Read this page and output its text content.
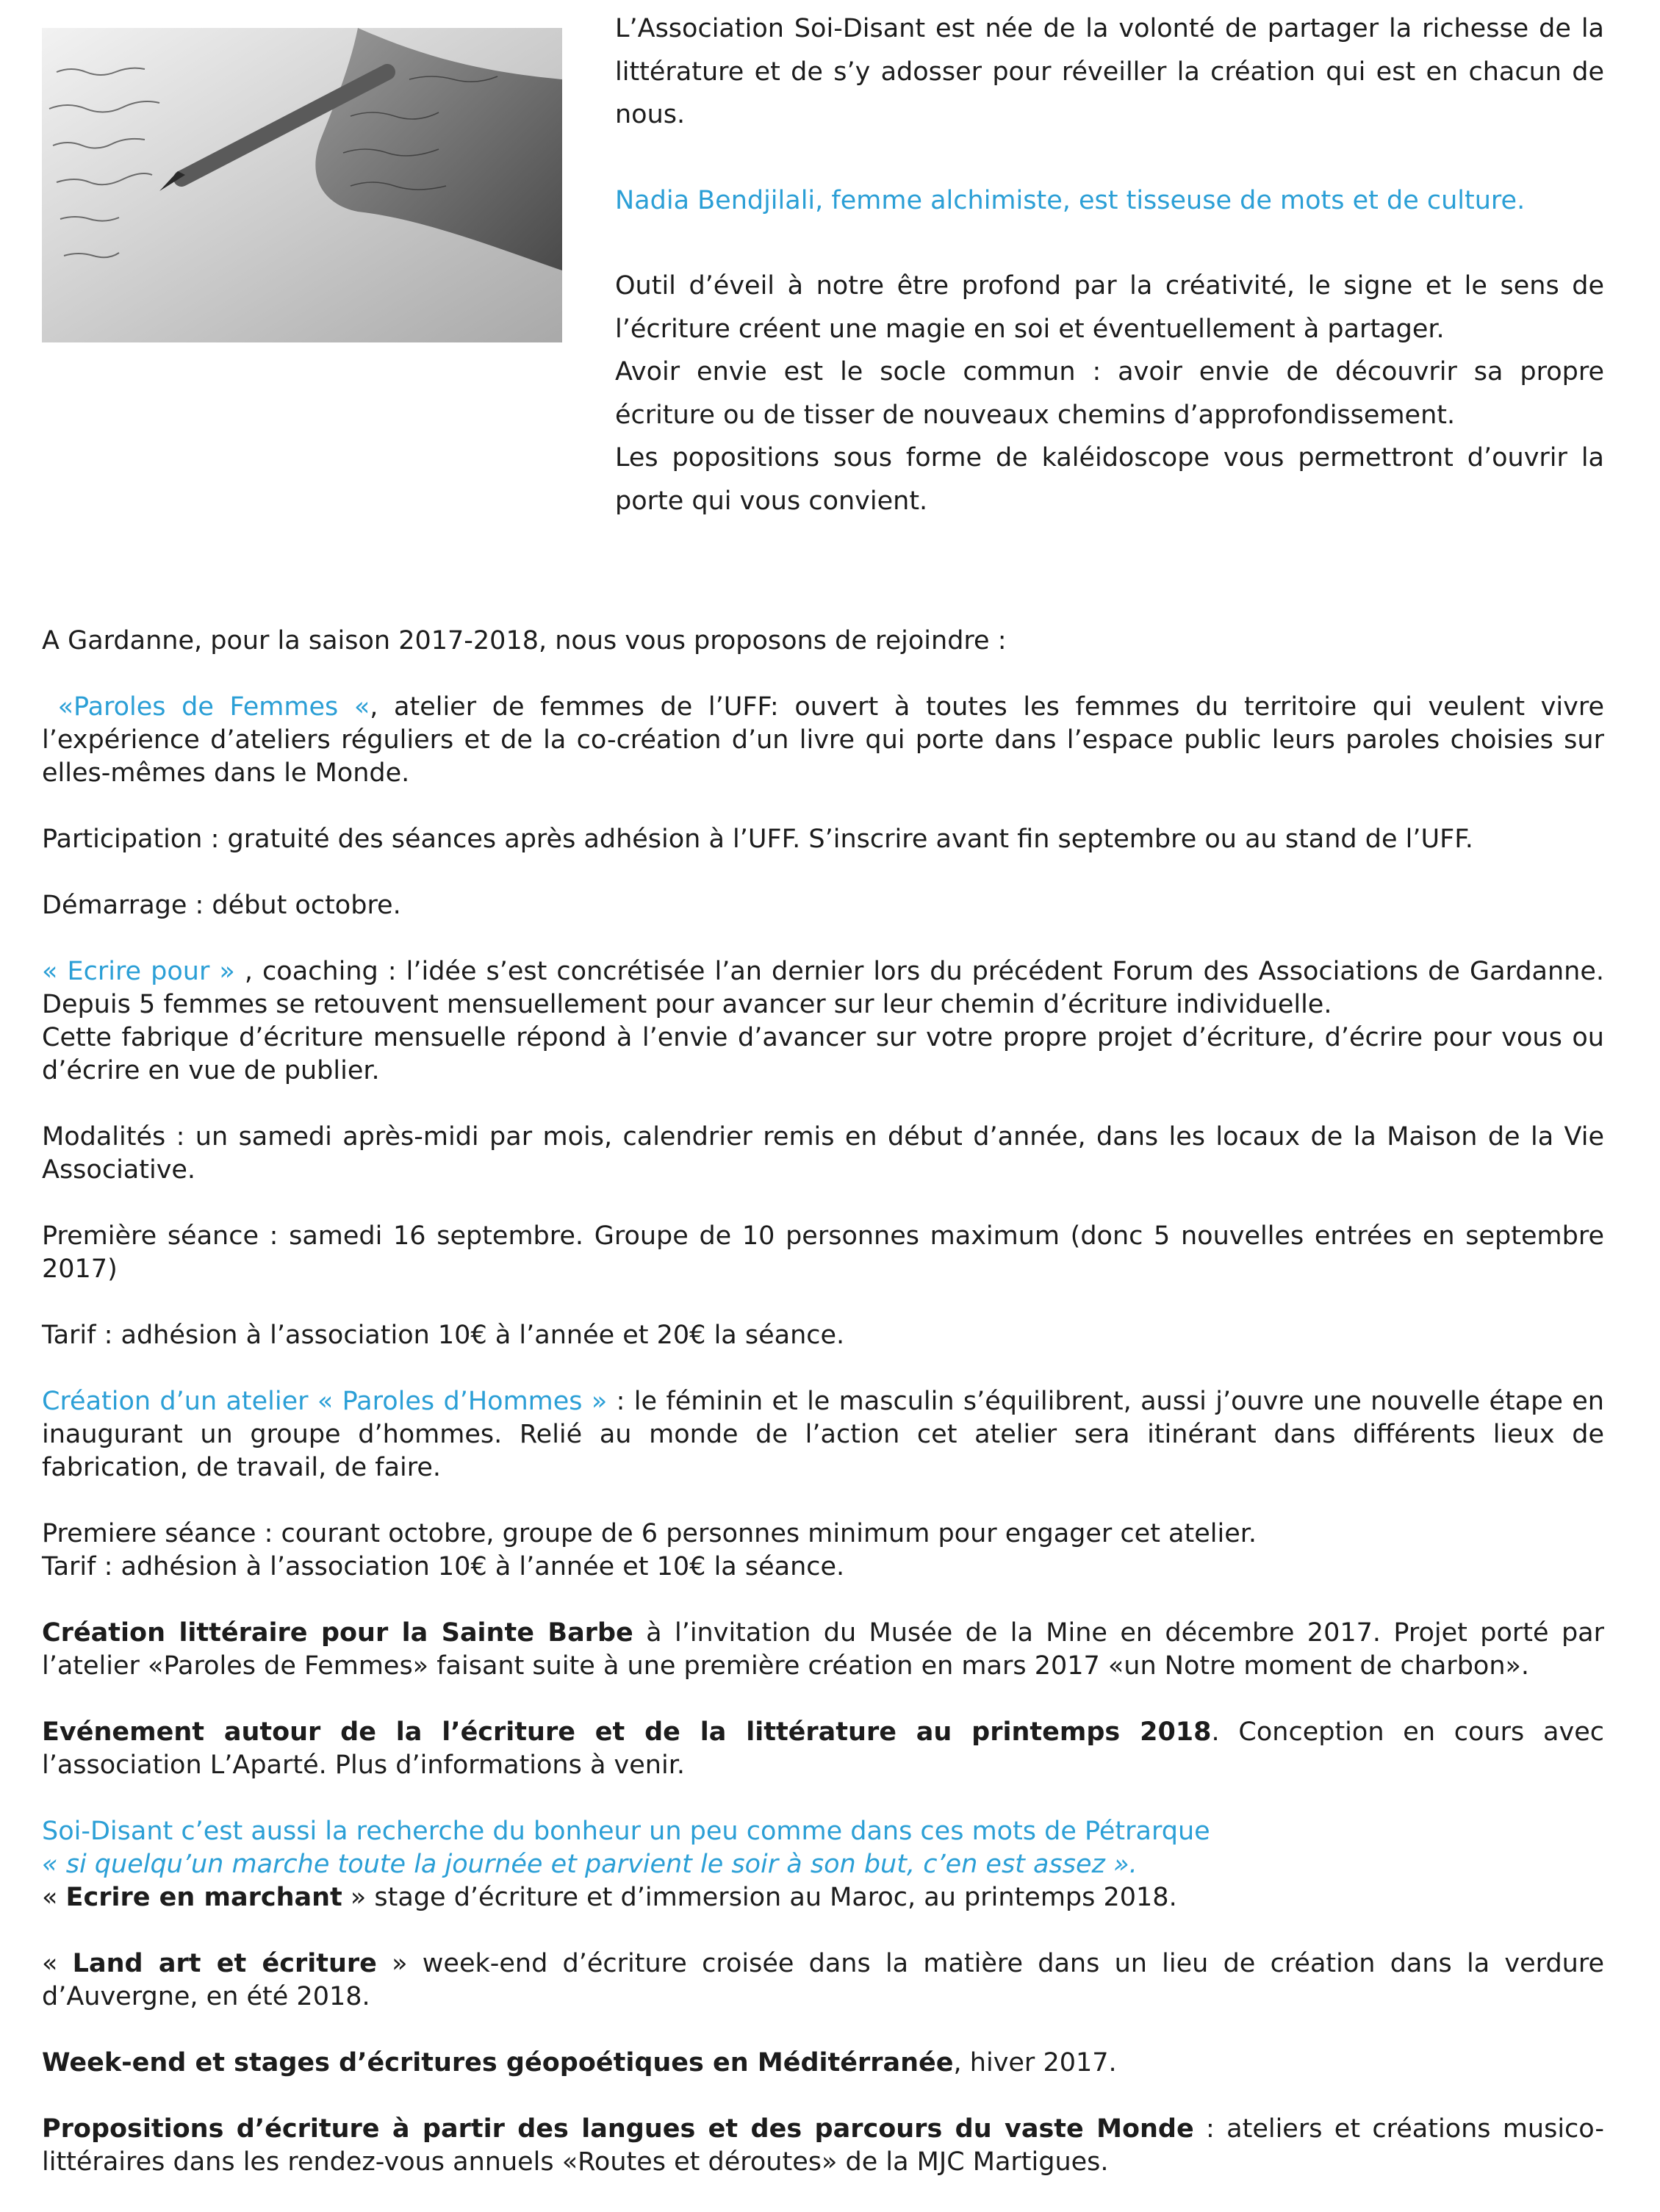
L’Association Soi-Disant est née de la volonté de partager la richesse de la littérature et de s’y adosser pour réveiller la création qui est en chacun de nous.

Nadia Bendjilali, femme alchimiste, est tisseuse de mots et de culture.

Outil d’éveil à notre être profond par la créativité, le signe et le sens de l’écriture créent une magie en soi et éventuellement à partager.

Avoir envie est le socle commun : avoir envie de découvrir sa propre écriture ou de tisser de nouveaux chemins d’approfondissement.

Les popositions sous forme de kaléidoscope vous permettront d’ouvrir la porte qui vous convient.

A Gardanne, pour la saison 2017-2018, nous vous proposons de rejoindre :

«Paroles de Femmes «, atelier de femmes de l’UFF: ouvert à toutes les femmes du territoire qui veulent vivre l’expérience d’ateliers réguliers et de la co-création d’un livre qui porte dans l’espace public leurs paroles choisies sur elles-mêmes dans le Monde.

Participation : gratuité des séances après adhésion à l’UFF. S’inscrire avant fin septembre ou au stand de l’UFF.

Démarrage : début octobre.

« Ecrire pour » , coaching : l’idée s’est concrétisée l’an dernier lors du précédent Forum des Associations de Gardanne. Depuis 5 femmes se retouvent mensuellement pour avancer sur leur chemin d’écriture individuelle.

Cette fabrique d’écriture mensuelle répond à l’envie d’avancer sur votre propre projet d’écriture, d’écrire pour vous ou d’écrire en vue de publier.

Modalités : un samedi après-midi par mois, calendrier remis en début d’année, dans les locaux de la Maison de la Vie Associative.

Première séance : samedi 16 septembre. Groupe de 10 personnes maximum (donc 5 nouvelles entrées en septembre 2017)

Tarif : adhésion à l’association 10€ à l’année et 20€ la séance.

Création d’un atelier « Paroles d’Hommes » : le féminin et le masculin s’équilibrent, aussi j’ouvre une nouvelle étape en inaugurant un groupe d’hommes. Relié au monde de l’action cet atelier sera itinérant dans différents lieux de fabrication, de travail, de faire.

Premiere séance : courant octobre, groupe de 6 personnes minimum pour engager cet atelier.

Tarif : adhésion à l’association 10€ à l’année et 10€ la séance.

Création littéraire pour la Sainte Barbe à l’invitation du Musée de la Mine en décembre 2017. Projet porté par l’atelier «Paroles de Femmes» faisant suite à une première création en mars 2017 «un Notre moment de charbon».

Evénement autour de la l’écriture et de la littérature au printemps 2018. Conception en cours avec l’association L’Aparté. Plus d’informations à venir.

Soi-Disant c’est aussi la recherche du bonheur un peu comme dans ces mots de Pétrarque

« si quelqu’un marche toute la journée et parvient le soir à son but, c’en est assez ».

« Ecrire en marchant » stage d’écriture et d’immersion au Maroc, au printemps 2018.

« Land art et écriture » week-end d’écriture croisée dans la matière dans un lieu de création dans la verdure d’Auvergne, en été 2018.

Week-end et stages d’écritures géopoétiques en Méditérranée, hiver 2017.

Propositions d’écriture à partir des langues et des parcours du vaste Monde : ateliers et créations musico-littéraires dans les rendez-vous annuels «Routes et déroutes» de la MJC Martigues.
